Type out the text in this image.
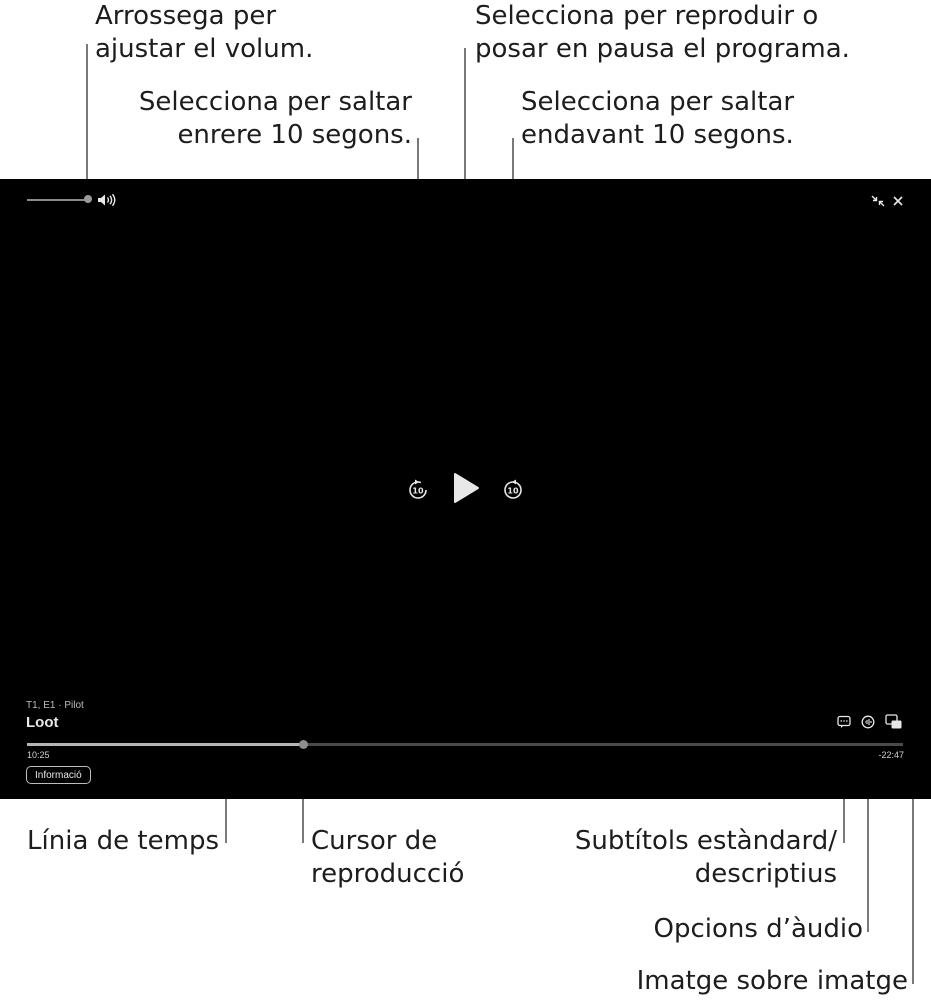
Arrossega per
ajustar el volum.
Selecciona per reproduir o
posar en pausa el programa.
Selecciona per saltar
enrere 10 segons.
Selecciona per saltar
endavant 10 segons.
Línia de temps	Cursor de
reproducció
Subtítols estàndard/
descriptius
Opcions d’àudio
Imatge sobre imatge
10	10
T1, E1 · Pilot
Loot
10:25	-22:47
Informació
